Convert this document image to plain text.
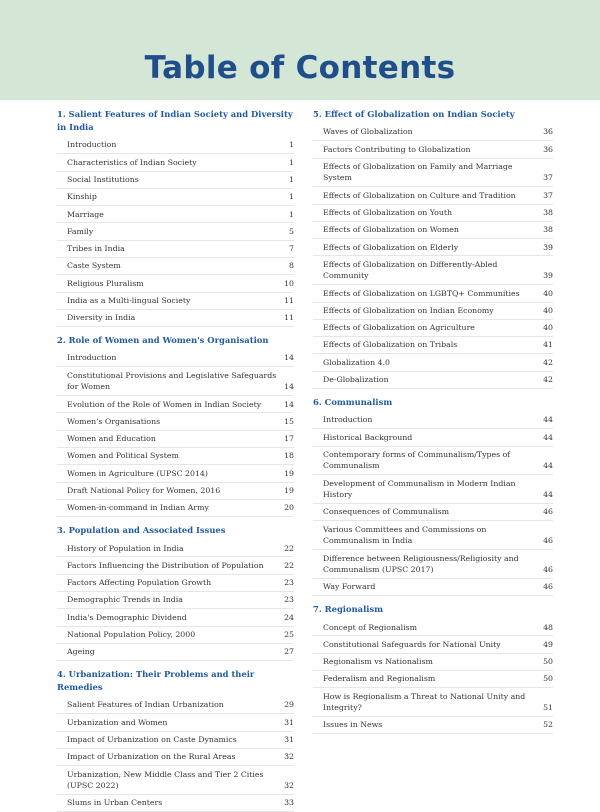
Table of Contents
1. Salient Features of Indian Society and Diversity in India
Introduction	1
Characteristics of Indian Society	1
Social Institutions	1
Kinship	1
Marriage	1
Family	5
Tribes in India	7
Caste System	8
Religious Pluralism	10
India as a Multi-lingual Society	11
Diversity in India	11
2. Role of Women and Women's Organisation
Introduction	14
Constitutional Provisions and Legislative Safeguards for Women	14
Evolution of the Role of Women in Indian Society	14
Women's Organisations	15
Women and Education	17
Women and Political System	18
Women in Agriculture (UPSC 2014)	19
Draft National Policy for Women, 2016	19
Women-in-command in Indian Army	20
3. Population and Associated Issues
History of Population in India	22
Factors Influencing the Distribution of Population	22
Factors Affecting Population Growth	23
Demographic Trends in India	23
India's Demographic Dividend	24
National Population Policy, 2000	25
Ageing	27
4. Urbanization: Their Problems and their Remedies
Salient Features of Indian Urbanization	29
Urbanization and Women	31
Impact of Urbanization on Caste Dynamics	31
Impact of Urbanization on the Rural Areas	32
Urbanization, New Middle Class and Tier 2 Cities (UPSC 2022)	32
Slums in Urban Centers	33
5. Effect of Globalization on Indian Society
Waves of Globalization	36
Factors Contributing to Globalization	36
Effects of Globalization on Family and Marriage System	37
Effects of Globalization on Culture and Tradition	37
Effects of Globalization on Youth	38
Effects of Globalization on Women	38
Effects of Globalization on Elderly	39
Effects of Globalization on Differently-Abled Community	39
Effects of Globalization on LGBTQ+ Communities	40
Effects of Globalization on Indian Economy	40
Effects of Globalization on Agriculture	40
Effects of Globalization on Tribals	41
Globalization 4.0	42
De-Globalization	42
6. Communalism
Introduction	44
Historical Background	44
Contemporary forms of Communalism/Types of Communalism	44
Development of Communalism in Modern Indian History	44
Consequences of Communalism	46
Various Committees and Commissions on Communalism in India	46
Difference between Religiousness/Religiosity and Communalism (UPSC 2017)	46
Way Forward	46
7. Regionalism
Concept of Regionalism	48
Constitutional Safeguards for National Unity	49
Regionalism vs Nationalism	50
Federalism and Regionalism	50
How is Regionalism a Threat to National Unity and Integrity?	51
Issues in News	52
